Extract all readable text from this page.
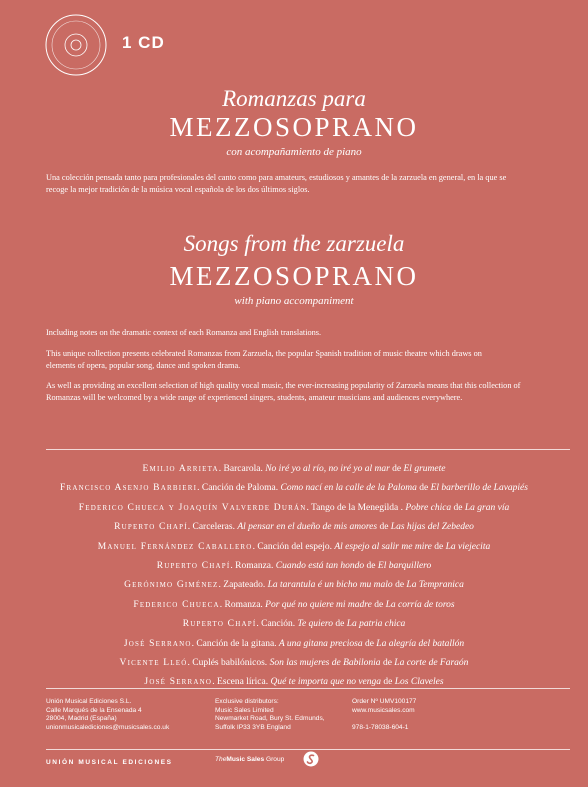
1 CD
Romanzas para
MEZZOSOPRANO
con acompañamiento de piano
Una colección pensada tanto para profesionales del canto como para amateurs, estudiosos y amantes de la zarzuela en general, en la que se
recoge la mejor tradición de la música vocal española de los dos últimos siglos.
Songs from the zarzuela
MEZZOSOPRANO
with piano accompaniment
Including notes on the dramatic context of each Romanza and English translations.
This unique collection presents celebrated Romanzas from Zarzuela, the popular Spanish tradition of music theatre which draws on
elements of opera, popular song, dance and spoken drama.
As well as providing an excellent selection of high quality vocal music, the ever-increasing popularity of Zarzuela means that this collection of
Romanzas will be welcomed by a wide range of experienced singers, students, amateur musicians and audiences everywhere.
Emilio Arrieta. Barcarola. No iré yo al río, no iré yo al mar de El grumete
Francisco Asenjo Barbieri. Canción de Paloma. Como nací en la calle de la Paloma de El barberillo de Lavapiés
Federico Chueca y Joaquín Valverde Durán. Tango de la Menegilda . Pobre chica de La gran vía
Ruperto Chapí. Carceleras. Al pensar en el dueño de mis amores de Las hijas del Zebedeo
Manuel Fernández Caballero. Canción del espejo. Al espejo al salir me mire de La viejecita
Ruperto Chapí. Romanza. Cuando está tan hondo de El barquillero
Gerónimo Giménez. Zapateado. La tarantula é un bicho mu malo de La Tempranica
Federico Chueca. Romanza. Por qué no quiere mi madre de La corría de toros
Ruperto Chapí. Canción. Te quiero de La patria chica
José Serrano. Canción de la gitana. A una gitana preciosa de La alegría del batallón
Vicente Lleó. Cuplés babilónicos. Son las mujeres de Babilonia de La corte de Faraón
José Serrano. Escena lírica. Qué te importa que no venga de Los Claveles
Unión Musical Ediciones S.L.
Calle Marqués de la Ensenada 4
28004, Madrid (España)
unionmusicalediciones@musicsales.co.uk
Exclusive distributors:
Music Sales Limited
Newmarket Road, Bury St. Edmunds,
Suffolk IP33 3YB England
Order Nº UMV100177
www.musicsales.com
978-1-78038-604-1
UNIÓN MUSICAL EDICIONES	TheMusic Sales Group
